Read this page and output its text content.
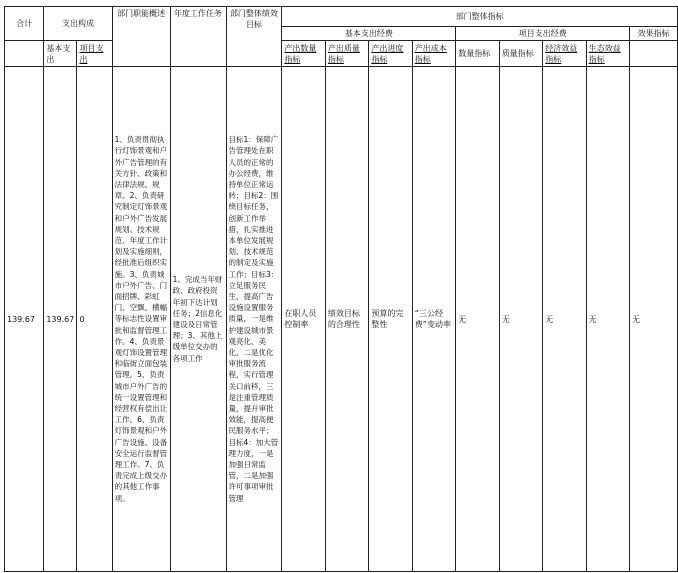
合计	支出构成		部门职能概述	年度工作任务	部门整体绩效目标	部门整体指标								
						基本支出经费				项目支出经费				效果指标
	基本支出	项目支出				产出数量指标	产出质量指标	产出进度指标	产出成本指标	数量指标	质量指标	经济效益指标	生态效益指标	
139.67	139.67	0	1、负责贯彻执行灯饰景观和户外广告管理的有关方针、政策和法律法规、规章。2、负责研究制定灯饰景观和户外广告发展规划、技术规范、年度工作计划及实施细则，经批准后组织实施。3、负责城市户外广告、门面招牌、彩虹门、空飘、横幅等标志性设置审批和监督管理工作。4、负责景观灯饰设置管理和临街立面包装管理。5、负责城市户外广告的统一设置管理和经营权有偿出让工作。6、负责灯饰景观和户外广告设施、设备安全运行监督管理工作。7、负责完成上级交办的其他工作事项。	1、完成当年财政、政府投资年初下达计划任务；2信息化建设及日常管理；3、其他上级单位交办的各项工作	目标1：保障广告管理处在职人员的正常的办公经费，维持单位正常运转；目标2：围绕目标任务，创新工作举措，扎实推进本单位发展规划、技术规范的制定及实施工作；目标3：立足服务民生，提高广告设施设置服务质量，一是维护建设城市景观亮化、美化，二是优化审批服务流程，实行管理关口前移，三是注重管理质量，提升审批效能，提高便民服务水平；目标4：加大管理力度，一是加强日常监管，二是加强许可事项审批管理	在职人员控制率	绩效目标的合理性	预算的完整性	“三公经费”变动率	无	无	无	无	无
